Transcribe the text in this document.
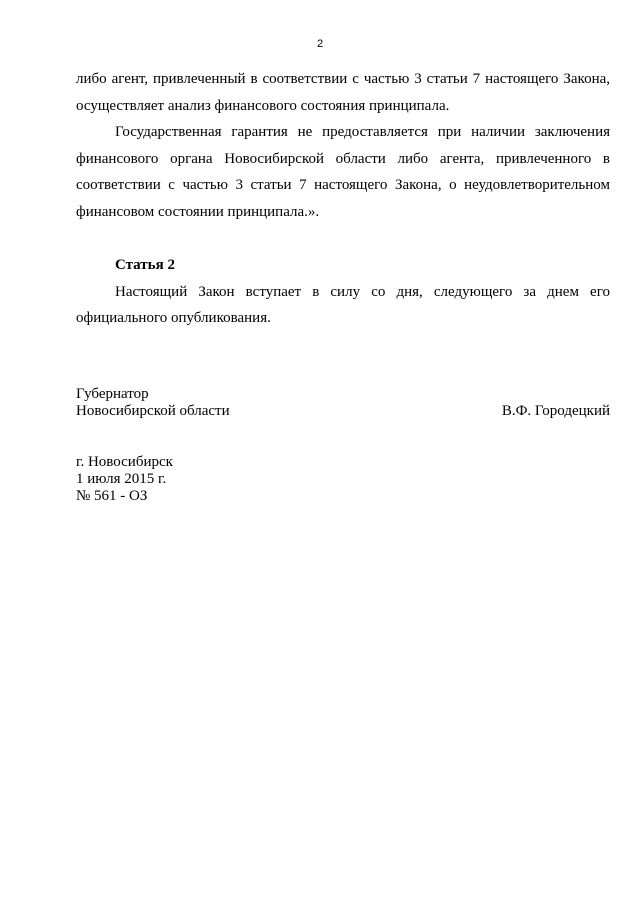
2

либо агент, привлеченный в соответствии с частью 3 статьи 7 настоящего Закона, осуществляет анализ финансового состояния принципала.

Государственная гарантия не предоставляется при наличии заключения финансового органа Новосибирской области либо агента, привлеченного в соответствии с частью 3 статьи 7 настоящего Закона, о неудовлетворительном финансовом состоянии принципала.».

Статья 2

Настоящий Закон вступает в силу со дня, следующего за днем его официального опубликования.

Губернатор
Новосибирской области	В.Ф. Городецкий
г. Новосибирск
1 июля 2015 г.
№ 561 - ОЗ
